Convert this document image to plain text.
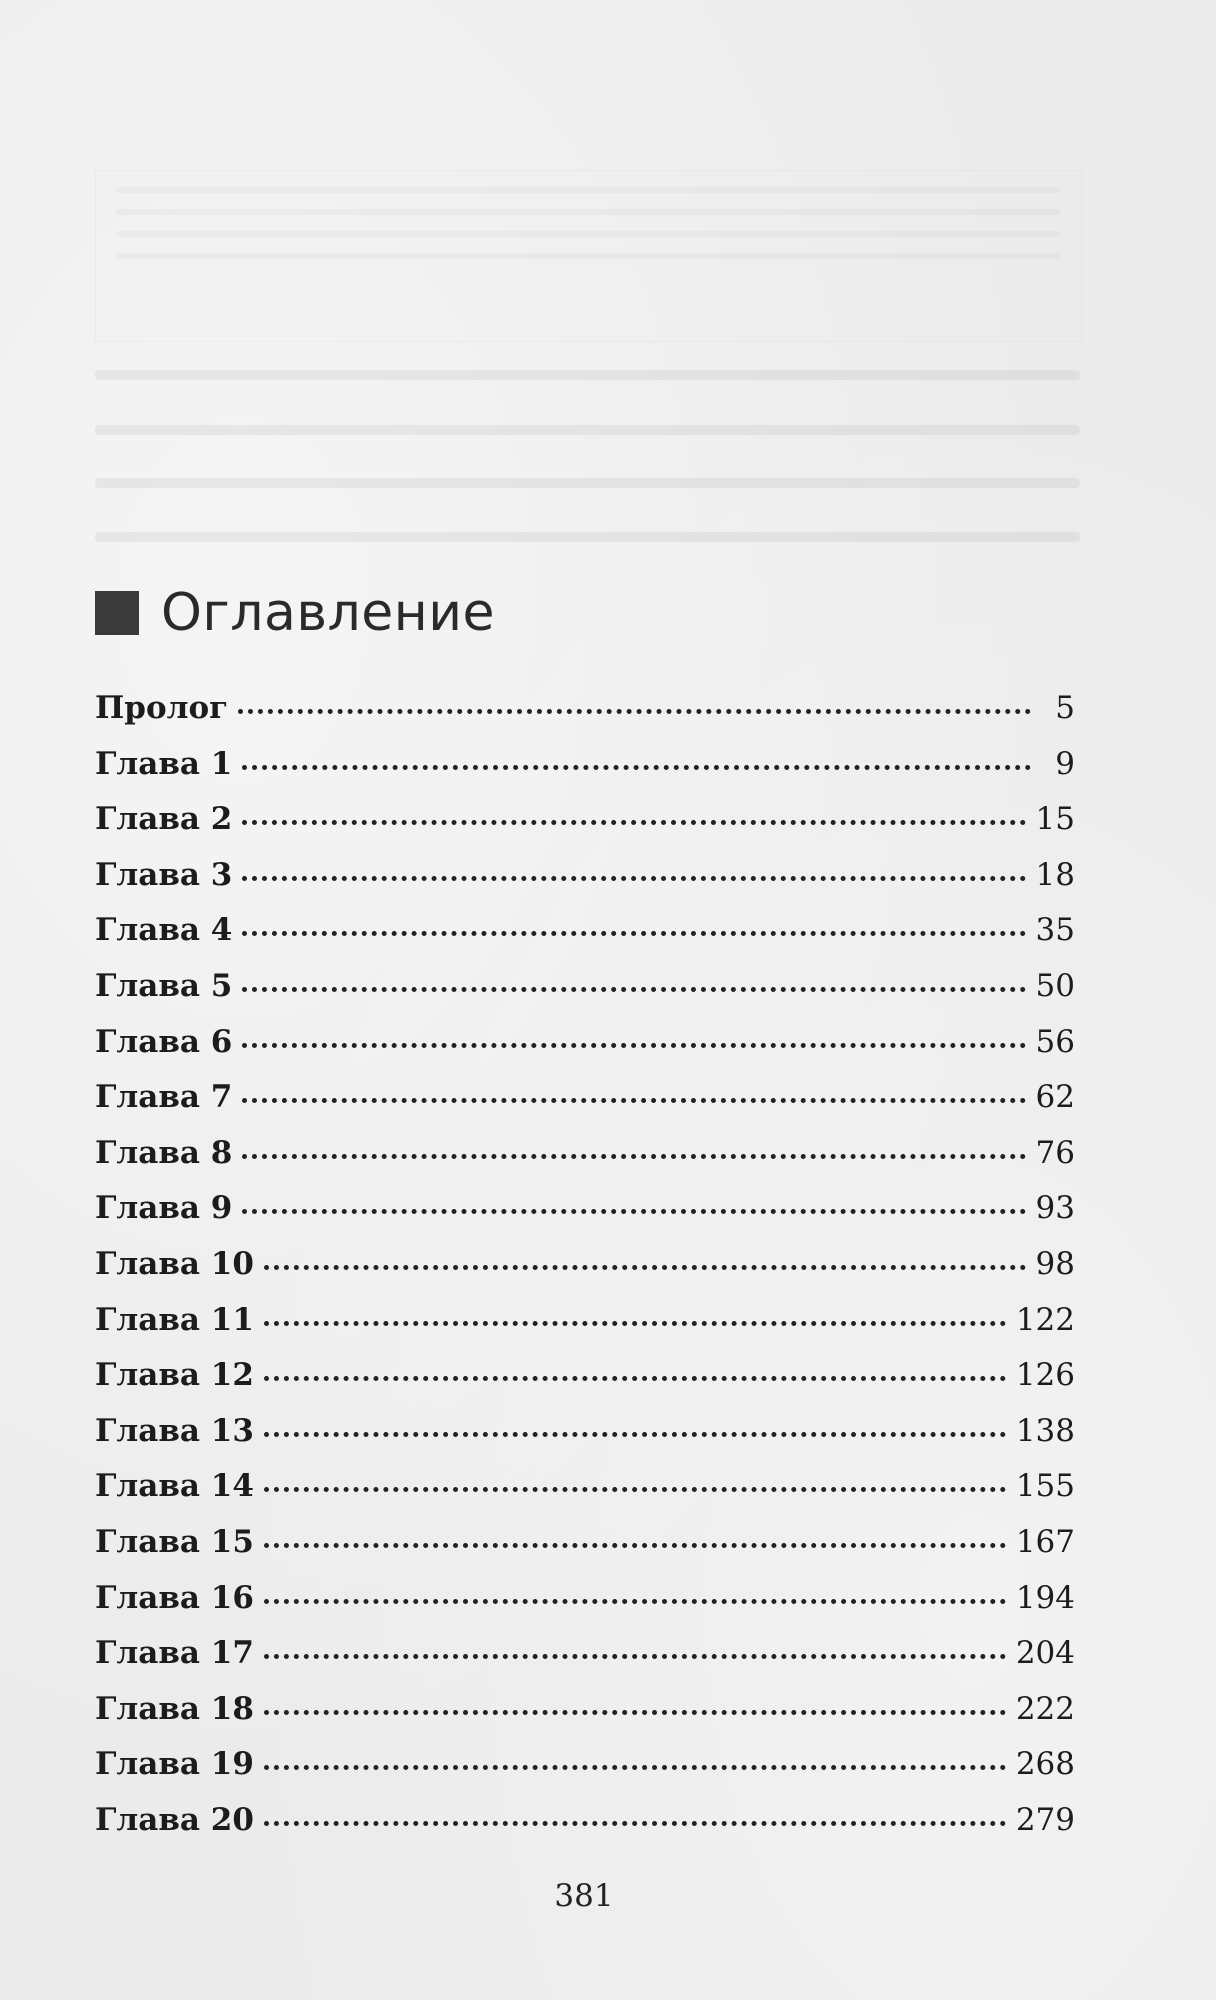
Оглавление
Пролог	5
Глава 1	9
Глава 2	15
Глава 3	18
Глава 4	35
Глава 5	50
Глава 6	56
Глава 7	62
Глава 8	76
Глава 9	93
Глава 10	98
Глава 11	122
Глава 12	126
Глава 13	138
Глава 14	155
Глава 15	167
Глава 16	194
Глава 17	204
Глава 18	222
Глава 19	268
Глава 20	279
381
